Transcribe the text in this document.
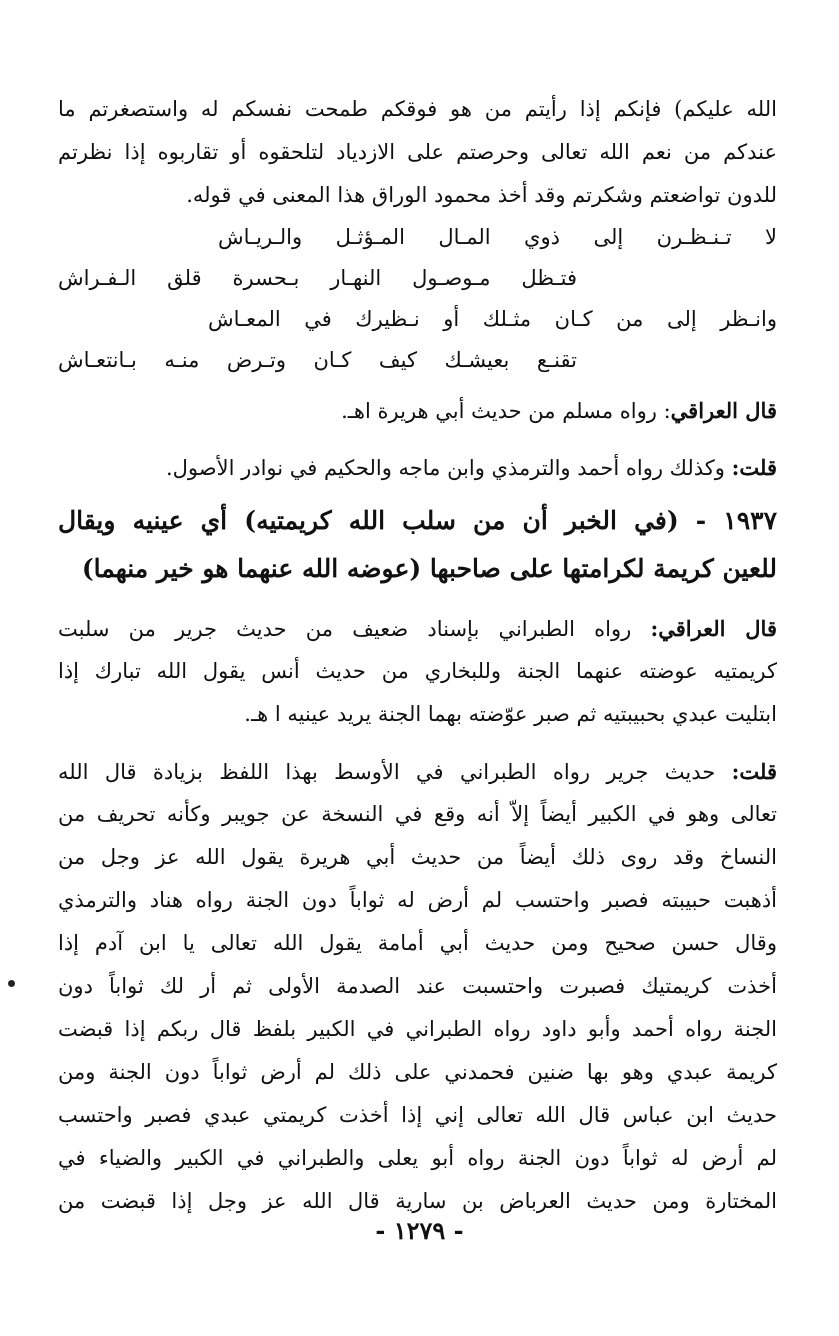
الله عليكم) فإنكم إذا رأيتم من هو فوقكم طمحت نفسكم له واستصغرتم ما
عندكم من نعم الله تعالى وحرصتم على الازدياد لتلحقوه أو تقاربوه إذا نظرتم
للدون تواضعتم وشكرتم وقد أخذ محمود الوراق هذا المعنى في قوله.
لا تـنـظـرن إلى ذوي المـال المـؤثـل والـريـاش
فتـظل مـوصـول النهـار بـحسرة قلق الـفـراش
وانـظر إلى من كـان مثـلك أو نـظيرك في المعـاش
تقنـع بعيشـك كيف كـان وتـرض منـه بـانتعـاش
قال العراقي: رواه مسلم من حديث أبي هريرة اهـ.
قلت: وكذلك رواه أحمد والترمذي وابن ماجه والحكيم في نوادر الأصول.
١٩٣٧ - (في الخبر أن من سلب الله كريمتيه) أي عينيه ويقال
للعين كريمة لكرامتها على صاحبها (عوضه الله عنهما هو خير منهما)
قال العراقي: رواه الطبراني بإسناد ضعيف من حديث جرير من سلبت
كريمتيه عوضته عنهما الجنة وللبخاري من حديث أنس يقول الله تبارك إذا
ابتليت عبدي بحبيبتيه ثم صبر عوّضته بهما الجنة يريد عينيه ا هـ.
قلت: حديث جرير رواه الطبراني في الأوسط بهذا اللفظ بزيادة قال الله
تعالى وهو في الكبير أيضاً إلاّ أنه وقع في النسخة عن جويبر وكأنه تحريف من
النساخ وقد روى ذلك أيضاً من حديث أبي هريرة يقول الله عز وجل من
أذهبت حبيبته فصبر واحتسب لم أرض له ثواباً دون الجنة رواه هناد والترمذي
وقال حسن صحيح ومن حديث أبي أمامة يقول الله تعالى يا ابن آدم إذا
أخذت كريمتيك فصبرت واحتسبت عند الصدمة الأولى ثم أر لك ثواباً دون
الجنة رواه أحمد وأبو داود رواه الطبراني في الكبير بلفظ قال ربكم إذا قبضت
كريمة عبدي وهو بها ضنين فحمدني على ذلك لم أرض ثواباً دون الجنة ومن
حديث ابن عباس قال الله تعالى إني إذا أخذت كريمتي عبدي فصبر واحتسب
لم أرض له ثواباً دون الجنة رواه أبو يعلى والطبراني في الكبير والضياء في
المختارة ومن حديث العرباض بن سارية قال الله عز وجل إذا قبضت من
- ١٢٧٩ -
